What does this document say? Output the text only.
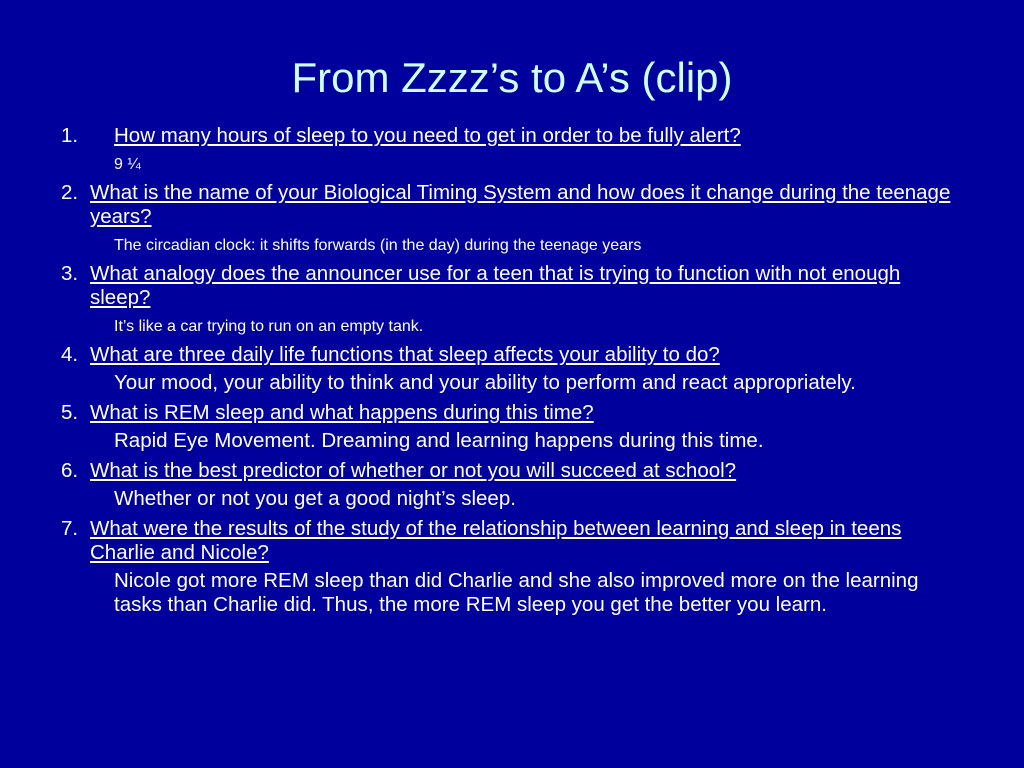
From Zzzz’s to A’s (clip)
1. How many hours of sleep to you need to get in order to be fully alert?
9 ¼
2. What is the name of your Biological Timing System and how does it change during the teenage years?
The circadian clock: it shifts forwards (in the day) during the teenage years
3. What analogy does the announcer use for a teen that is trying to function with not enough sleep?
It’s like a car trying to run on an empty tank.
4. What are three daily life functions that sleep affects your ability to do?
Your mood, your ability to think and your ability to perform and react appropriately.
5. What is REM sleep and what happens during this time?
Rapid Eye Movement. Dreaming and learning happens during this time.
6. What is the best predictor of whether or not you will succeed at school?
Whether or not you get a good night’s sleep.
7. What were the results of the study of the relationship between learning and sleep in teens Charlie and Nicole?
Nicole got more REM sleep than did Charlie and she also improved more on the learning tasks than Charlie did. Thus, the more REM sleep you get the better you learn.
